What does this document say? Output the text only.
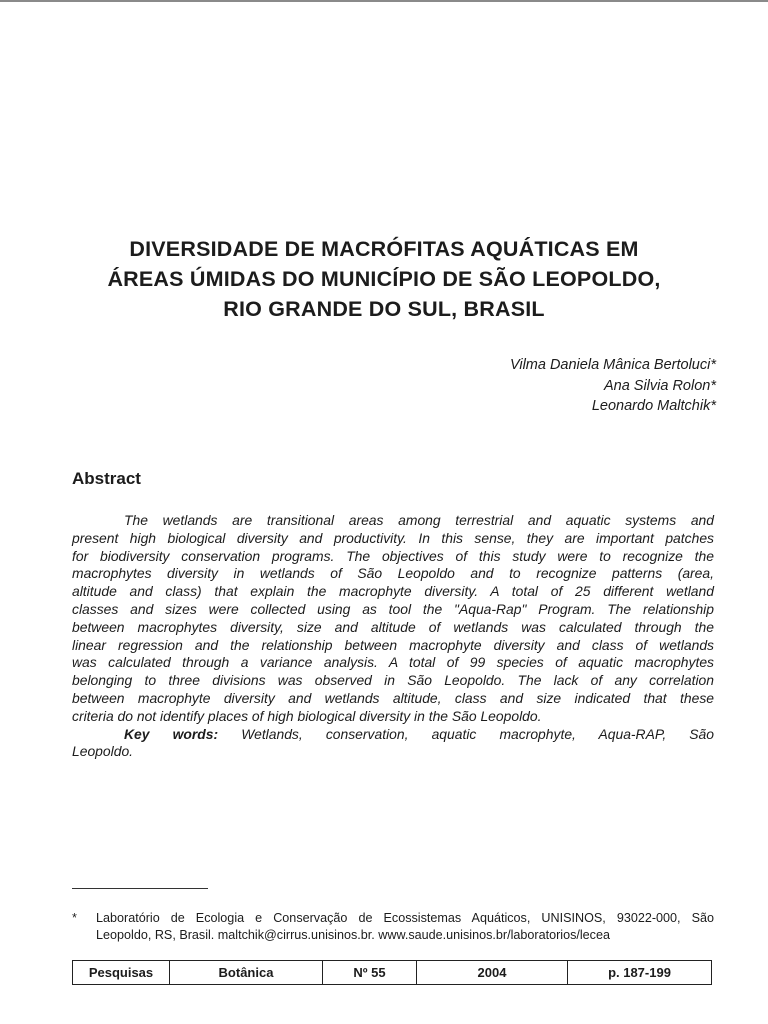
DIVERSIDADE DE MACRÓFITAS AQUÁTICAS EM
ÁREAS ÚMIDAS DO MUNICÍPIO DE SÃO LEOPOLDO,
RIO GRANDE DO SUL, BRASIL
Vilma Daniela Mânica Bertoluci*
Ana Silvia Rolon*
Leonardo Maltchik*
Abstract
The wetlands are transitional areas among terrestrial and aquatic systems and
present high biological diversity and productivity. In this sense, they are important patches
for biodiversity conservation programs. The objectives of this study were to recognize the
macrophytes diversity in wetlands of São Leopoldo and to recognize patterns (area,
altitude and class) that explain the macrophyte diversity. A total of 25 different wetland
classes and sizes were collected using as tool the "Aqua-Rap" Program. The relationship
between macrophytes diversity, size and altitude of wetlands was calculated through the
linear regression and the relationship between macrophyte diversity and class of wetlands
was calculated through a variance analysis. A total of 99 species of aquatic macrophytes
belonging to three divisions was observed in São Leopoldo. The lack of any correlation
between macrophyte diversity and wetlands altitude, class and size indicated that these
criteria do not identify places of high biological diversity in the São Leopoldo.
Key words: Wetlands, conservation, aquatic macrophyte, Aqua-RAP, São
Leopoldo.
* Laboratório de Ecologia e Conservação de Ecossistemas Aquáticos, UNISINOS, 93022-000, São
Leopoldo, RS, Brasil. maltchik@cirrus.unisinos.br. www.saude.unisinos.br/laboratorios/lecea
Pesquisas	Botânica	Nº 55	2004	p. 187-199
